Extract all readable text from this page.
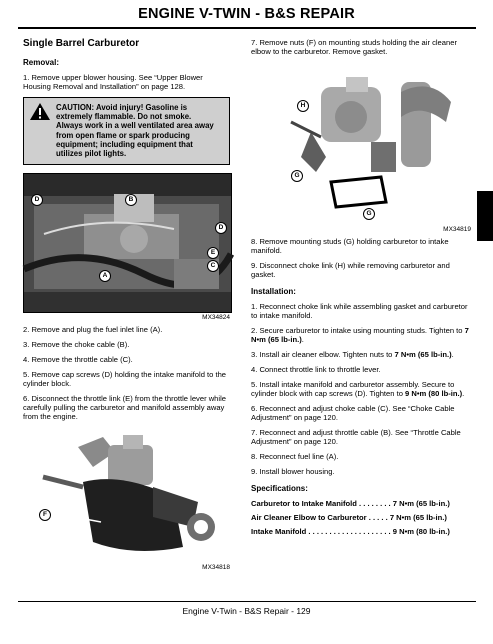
ENGINE V-TWIN - B&S REPAIR
Single Barrel Carburetor
Removal:

1. Remove upper blower housing. See “Upper Blower Housing Removal and Installation” on page 128.

CAUTION: Avoid injury! Gasoline is
extremely flammable. Do not smoke.
Always work in a well ventilated area away
from open flame or spark producing
equipment; including equipment that
utilizes pilot lights.
D	B
D
E
C
A
MX34824

2. Remove and plug the fuel inlet line (A).

3. Remove the choke cable (B).

4. Remove the throttle cable (C).

5. Remove cap screws (D) holding the intake manifold to the cylinder block.

6. Disconnect the throttle link (E) from the throttle lever while carefully pulling the carburetor and manifold assembly away from the engine.

F
MX34818

7. Remove nuts (F) on mounting studs holding the air cleaner elbow to the carburetor. Remove gasket.

H
G
G
MX34819

8. Remove mounting studs (G) holding carburetor to intake manifold.

9. Disconnect choke link (H) while removing carburetor and gasket.

Installation:

1. Reconnect choke link while assembling gasket and carburetor to intake manifold.

2. Secure carburetor to intake using mounting studs. Tighten to 7 N•m (65 lb-in.).

3. Install air cleaner elbow. Tighten nuts to 7 N•m (65 lb-in.).

4. Connect throttle link to throttle lever.

5. Install intake manifold and carburetor assembly. Secure to cylinder block with cap screws (D). Tighten to 9 N•m (80 lb-in.).

6. Reconnect and adjust choke cable (C). See “Choke Cable Adjustment” on page 120.

7. Reconnect and adjust throttle cable (B). See “Throttle Cable Adjustment” on page 120.

8. Reconnect fuel line (A).

9. Install blower housing.

Specifications:

Carburetor to Intake Manifold . . . . . . . . 7 N•m (65 lb-in.)

Air Cleaner Elbow to Carburetor . . . . . 7 N•m (65 lb-in.)

Intake Manifold . . . . . . . . . . . . . . . . . . . . 9 N•m (80 lb-in.)

Engine V-Twin - B&S Repair - 129
